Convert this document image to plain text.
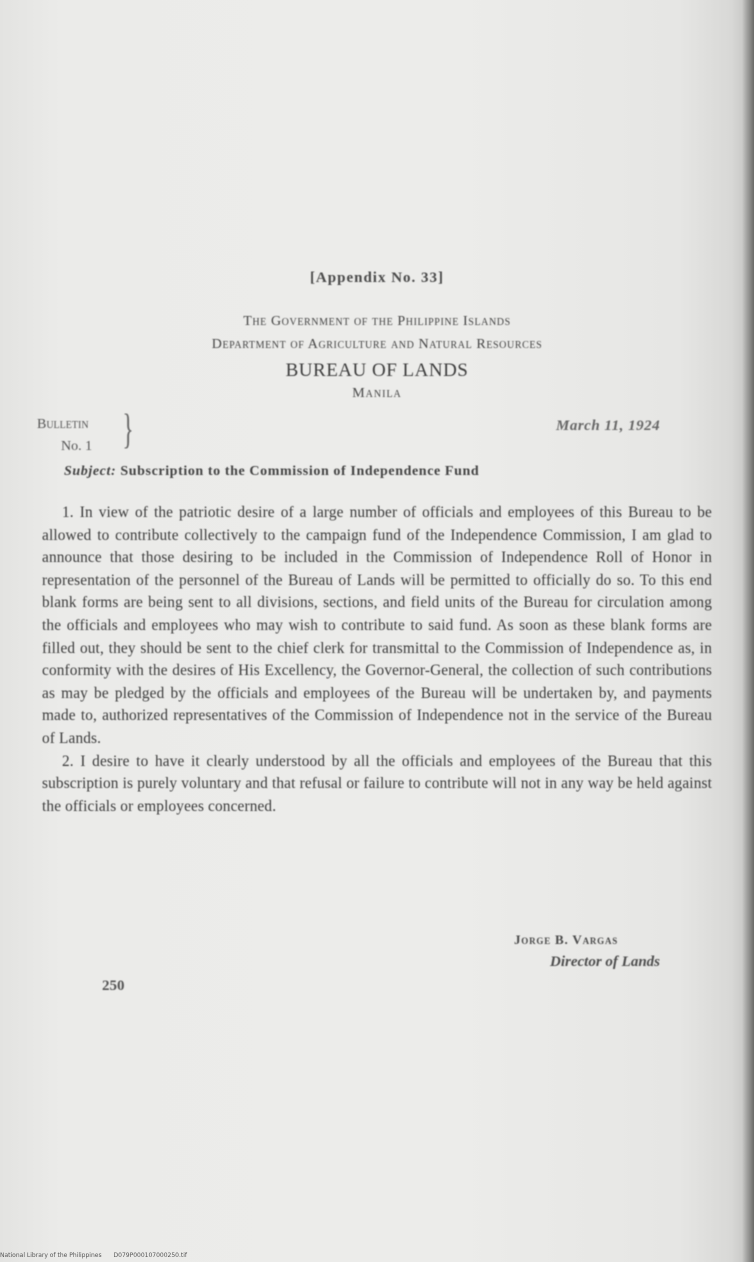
[Appendix No. 33]
The Government of the Philippine Islands
Department of Agriculture and Natural Resources
BUREAU OF LANDS
Manila
Bulletin
No. 1 }	March 11, 1924
Subject: Subscription to the Commission of Independence Fund

1. In view of the patriotic desire of a large number of officials and employees of this Bureau to be allowed to contribute collectively to the campaign fund of the Independence Commission, I am glad to announce that those desiring to be included in the Commission of Independence Roll of Honor in representation of the personnel of the Bureau of Lands will be permitted to officially do so. To this end blank forms are being sent to all divisions, sections, and field units of the Bureau for circulation among the officials and employees who may wish to contribute to said fund. As soon as these blank forms are filled out, they should be sent to the chief clerk for transmittal to the Commission of Independence as, in conformity with the desires of His Excellency, the Governor-General, the collection of such contributions as may be pledged by the officials and employees of the Bureau will be undertaken by, and payments made to, authorized representatives of the Commission of Independence not in the service of the Bureau of Lands.

2. I desire to have it clearly understood by all the officials and employees of the Bureau that this subscription is purely voluntary and that refusal or failure to contribute will not in any way be held against the officials or employees concerned.

Jorge B. Vargas
Director of Lands
250
National Library of the Philippines D079P000107000250.tif
